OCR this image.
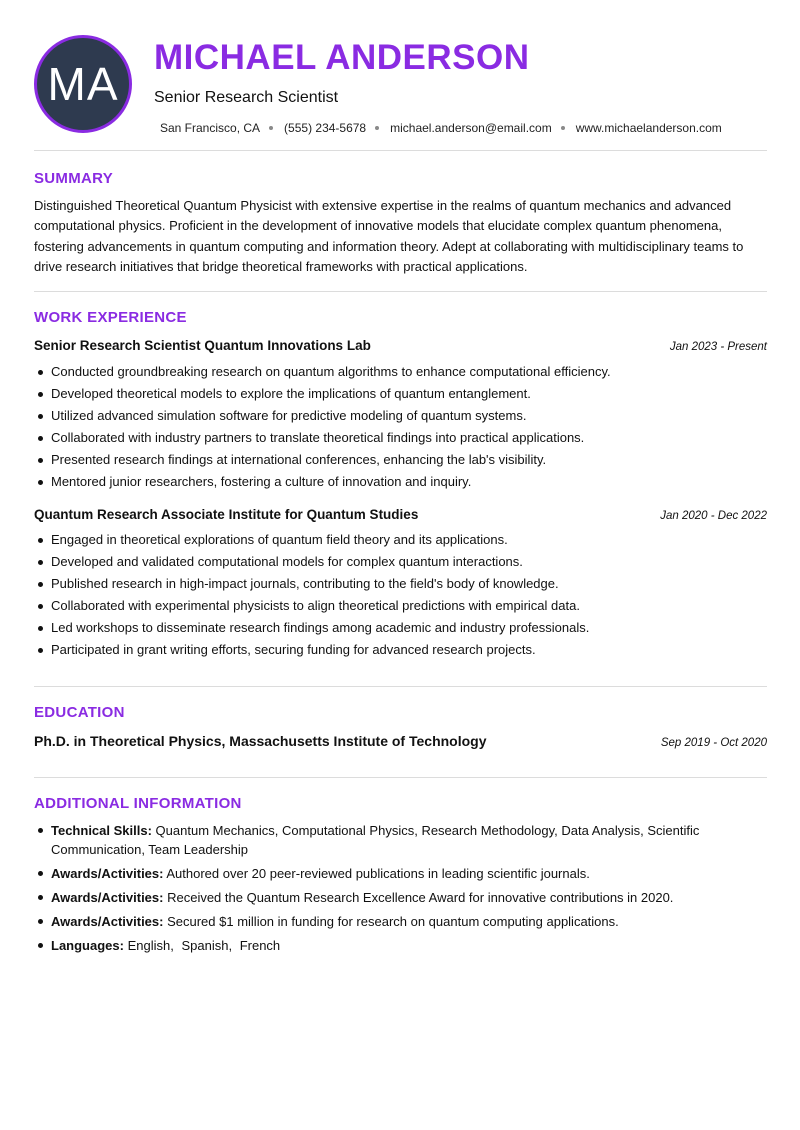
MA
MICHAEL ANDERSON
Senior Research Scientist
San Francisco, CA (555) 234-5678 michael.anderson@email.com www.michaelanderson.com
SUMMARY
Distinguished Theoretical Quantum Physicist with extensive expertise in the realms of quantum mechanics and advanced computational physics. Proficient in the development of innovative models that elucidate complex quantum phenomena, fostering advancements in quantum computing and information theory. Adept at collaborating with multidisciplinary teams to drive research initiatives that bridge theoretical frameworks with practical applications.
WORK EXPERIENCE
Senior Research Scientist Quantum Innovations Lab	Jan 2023 - Present
Conducted groundbreaking research on quantum algorithms to enhance computational efficiency.
Developed theoretical models to explore the implications of quantum entanglement.
Utilized advanced simulation software for predictive modeling of quantum systems.
Collaborated with industry partners to translate theoretical findings into practical applications.
Presented research findings at international conferences, enhancing the lab's visibility.
Mentored junior researchers, fostering a culture of innovation and inquiry.
Quantum Research Associate Institute for Quantum Studies	Jan 2020 - Dec 2022
Engaged in theoretical explorations of quantum field theory and its applications.
Developed and validated computational models for complex quantum interactions.
Published research in high-impact journals, contributing to the field's body of knowledge.
Collaborated with experimental physicists to align theoretical predictions with empirical data.
Led workshops to disseminate research findings among academic and industry professionals.
Participated in grant writing efforts, securing funding for advanced research projects.
EDUCATION
Ph.D. in Theoretical Physics, Massachusetts Institute of Technology	Sep 2019 - Oct 2020
ADDITIONAL INFORMATION
Technical Skills: Quantum Mechanics, Computational Physics, Research Methodology, Data Analysis, Scientific Communication, Team Leadership
Awards/Activities: Authored over 20 peer-reviewed publications in leading scientific journals.
Awards/Activities: Received the Quantum Research Excellence Award for innovative contributions in 2020.
Awards/Activities: Secured $1 million in funding for research on quantum computing applications.
Languages: English, Spanish, French
